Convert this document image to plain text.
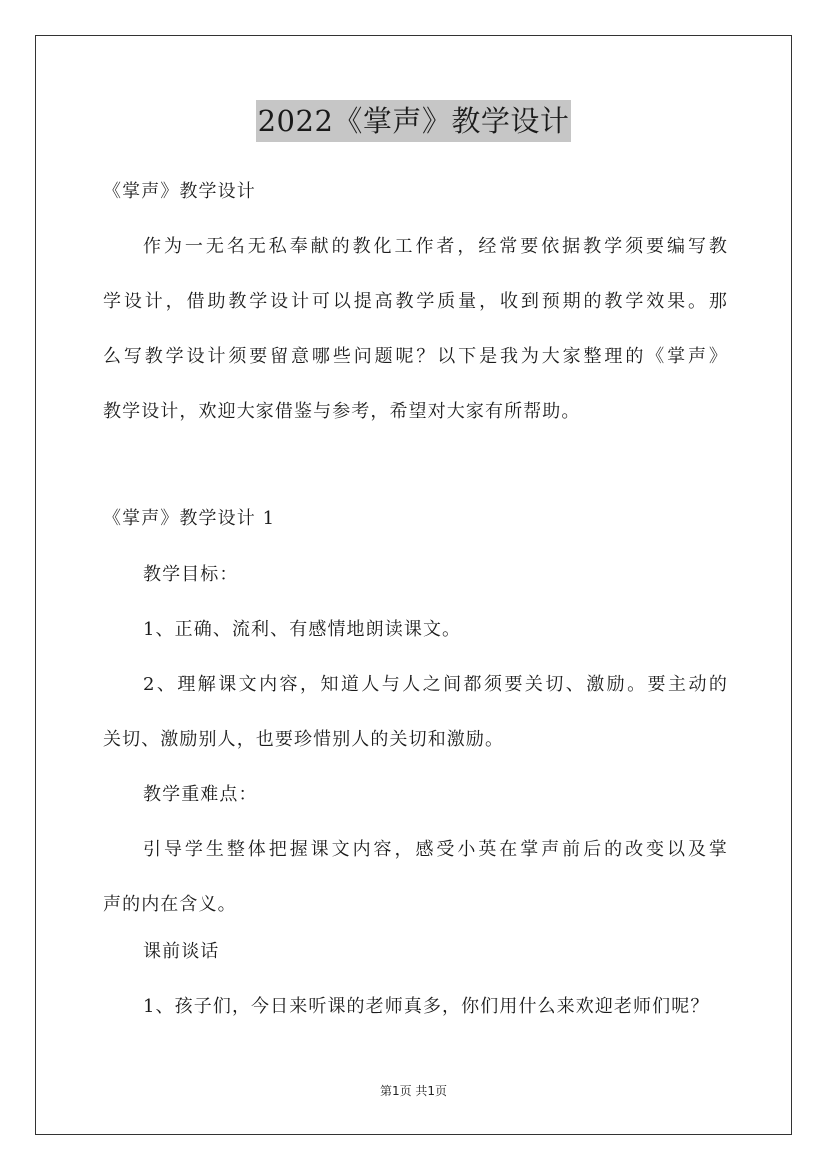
2022《掌声》教学设计
《掌声》教学设计
作为一无名无私奉献的教化工作者，经常要依据教学须要编写教
学设计，借助教学设计可以提高教学质量，收到预期的教学效果。那
么写教学设计须要留意哪些问题呢？以下是我为大家整理的《掌声》
教学设计，欢迎大家借鉴与参考，希望对大家有所帮助。
《掌声》教学设计 1
教学目标：
1、正确、流利、有感情地朗读课文。
2、理解课文内容，知道人与人之间都须要关切、激励。要主动的
关切、激励别人，也要珍惜别人的关切和激励。
教学重难点：
引导学生整体把握课文内容，感受小英在掌声前后的改变以及掌
声的内在含义。
课前谈话
1、孩子们，今日来听课的老师真多，你们用什么来欢迎老师们呢？
第1页 共1页
